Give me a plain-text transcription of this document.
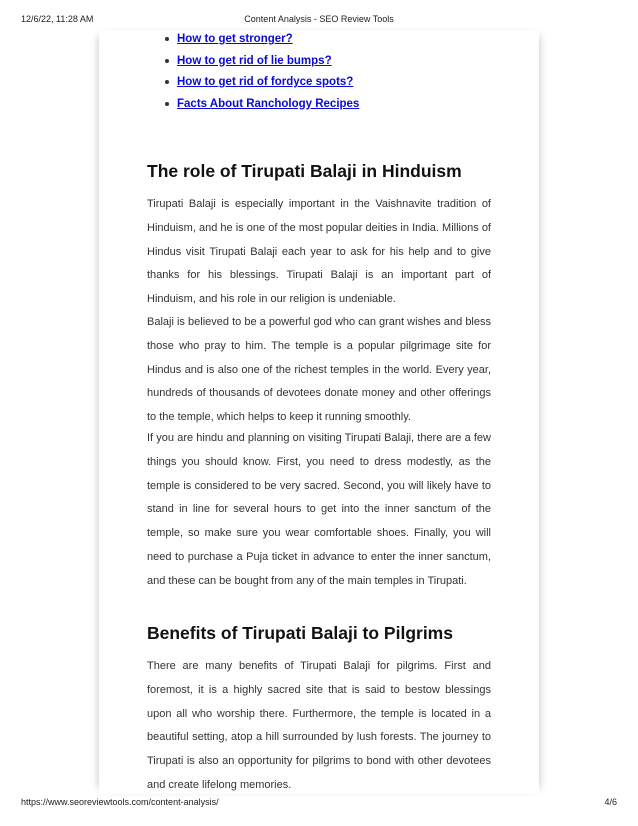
12/6/22, 11:28 AM	Content Analysis - SEO Review Tools
How to get stronger?
How to get rid of lie bumps?
How to get rid of fordyce spots?
Facts About Ranchology Recipes
The role of Tirupati Balaji in Hinduism

Tirupati Balaji is especially important in the Vaishnavite tradition of Hinduism, and he is one of the most popular deities in India. Millions of Hindus visit Tirupati Balaji each year to ask for his help and to give thanks for his blessings. Tirupati Balaji is an important part of Hinduism, and his role in our religion is undeniable.

Balaji is believed to be a powerful god who can grant wishes and bless those who pray to him. The temple is a popular pilgrimage site for Hindus and is also one of the richest temples in the world. Every year, hundreds of thousands of devotees donate money and other offerings to the temple, which helps to keep it running smoothly.

If you are hindu and planning on visiting Tirupati Balaji, there are a few things you should know. First, you need to dress modestly, as the temple is considered to be very sacred. Second, you will likely have to stand in line for several hours to get into the inner sanctum of the temple, so make sure you wear comfortable shoes. Finally, you will need to purchase a Puja ticket in advance to enter the inner sanctum, and these can be bought from any of the main temples in Tirupati.

Benefits of Tirupati Balaji to Pilgrims

There are many benefits of Tirupati Balaji for pilgrims. First and foremost, it is a highly sacred site that is said to bestow blessings upon all who worship there. Furthermore, the temple is located in a beautiful setting, atop a hill surrounded by lush forests. The journey to Tirupati is also an opportunity for pilgrims to bond with other devotees and create lifelong memories.

https://www.seoreviewtools.com/content-analysis/	4/6
